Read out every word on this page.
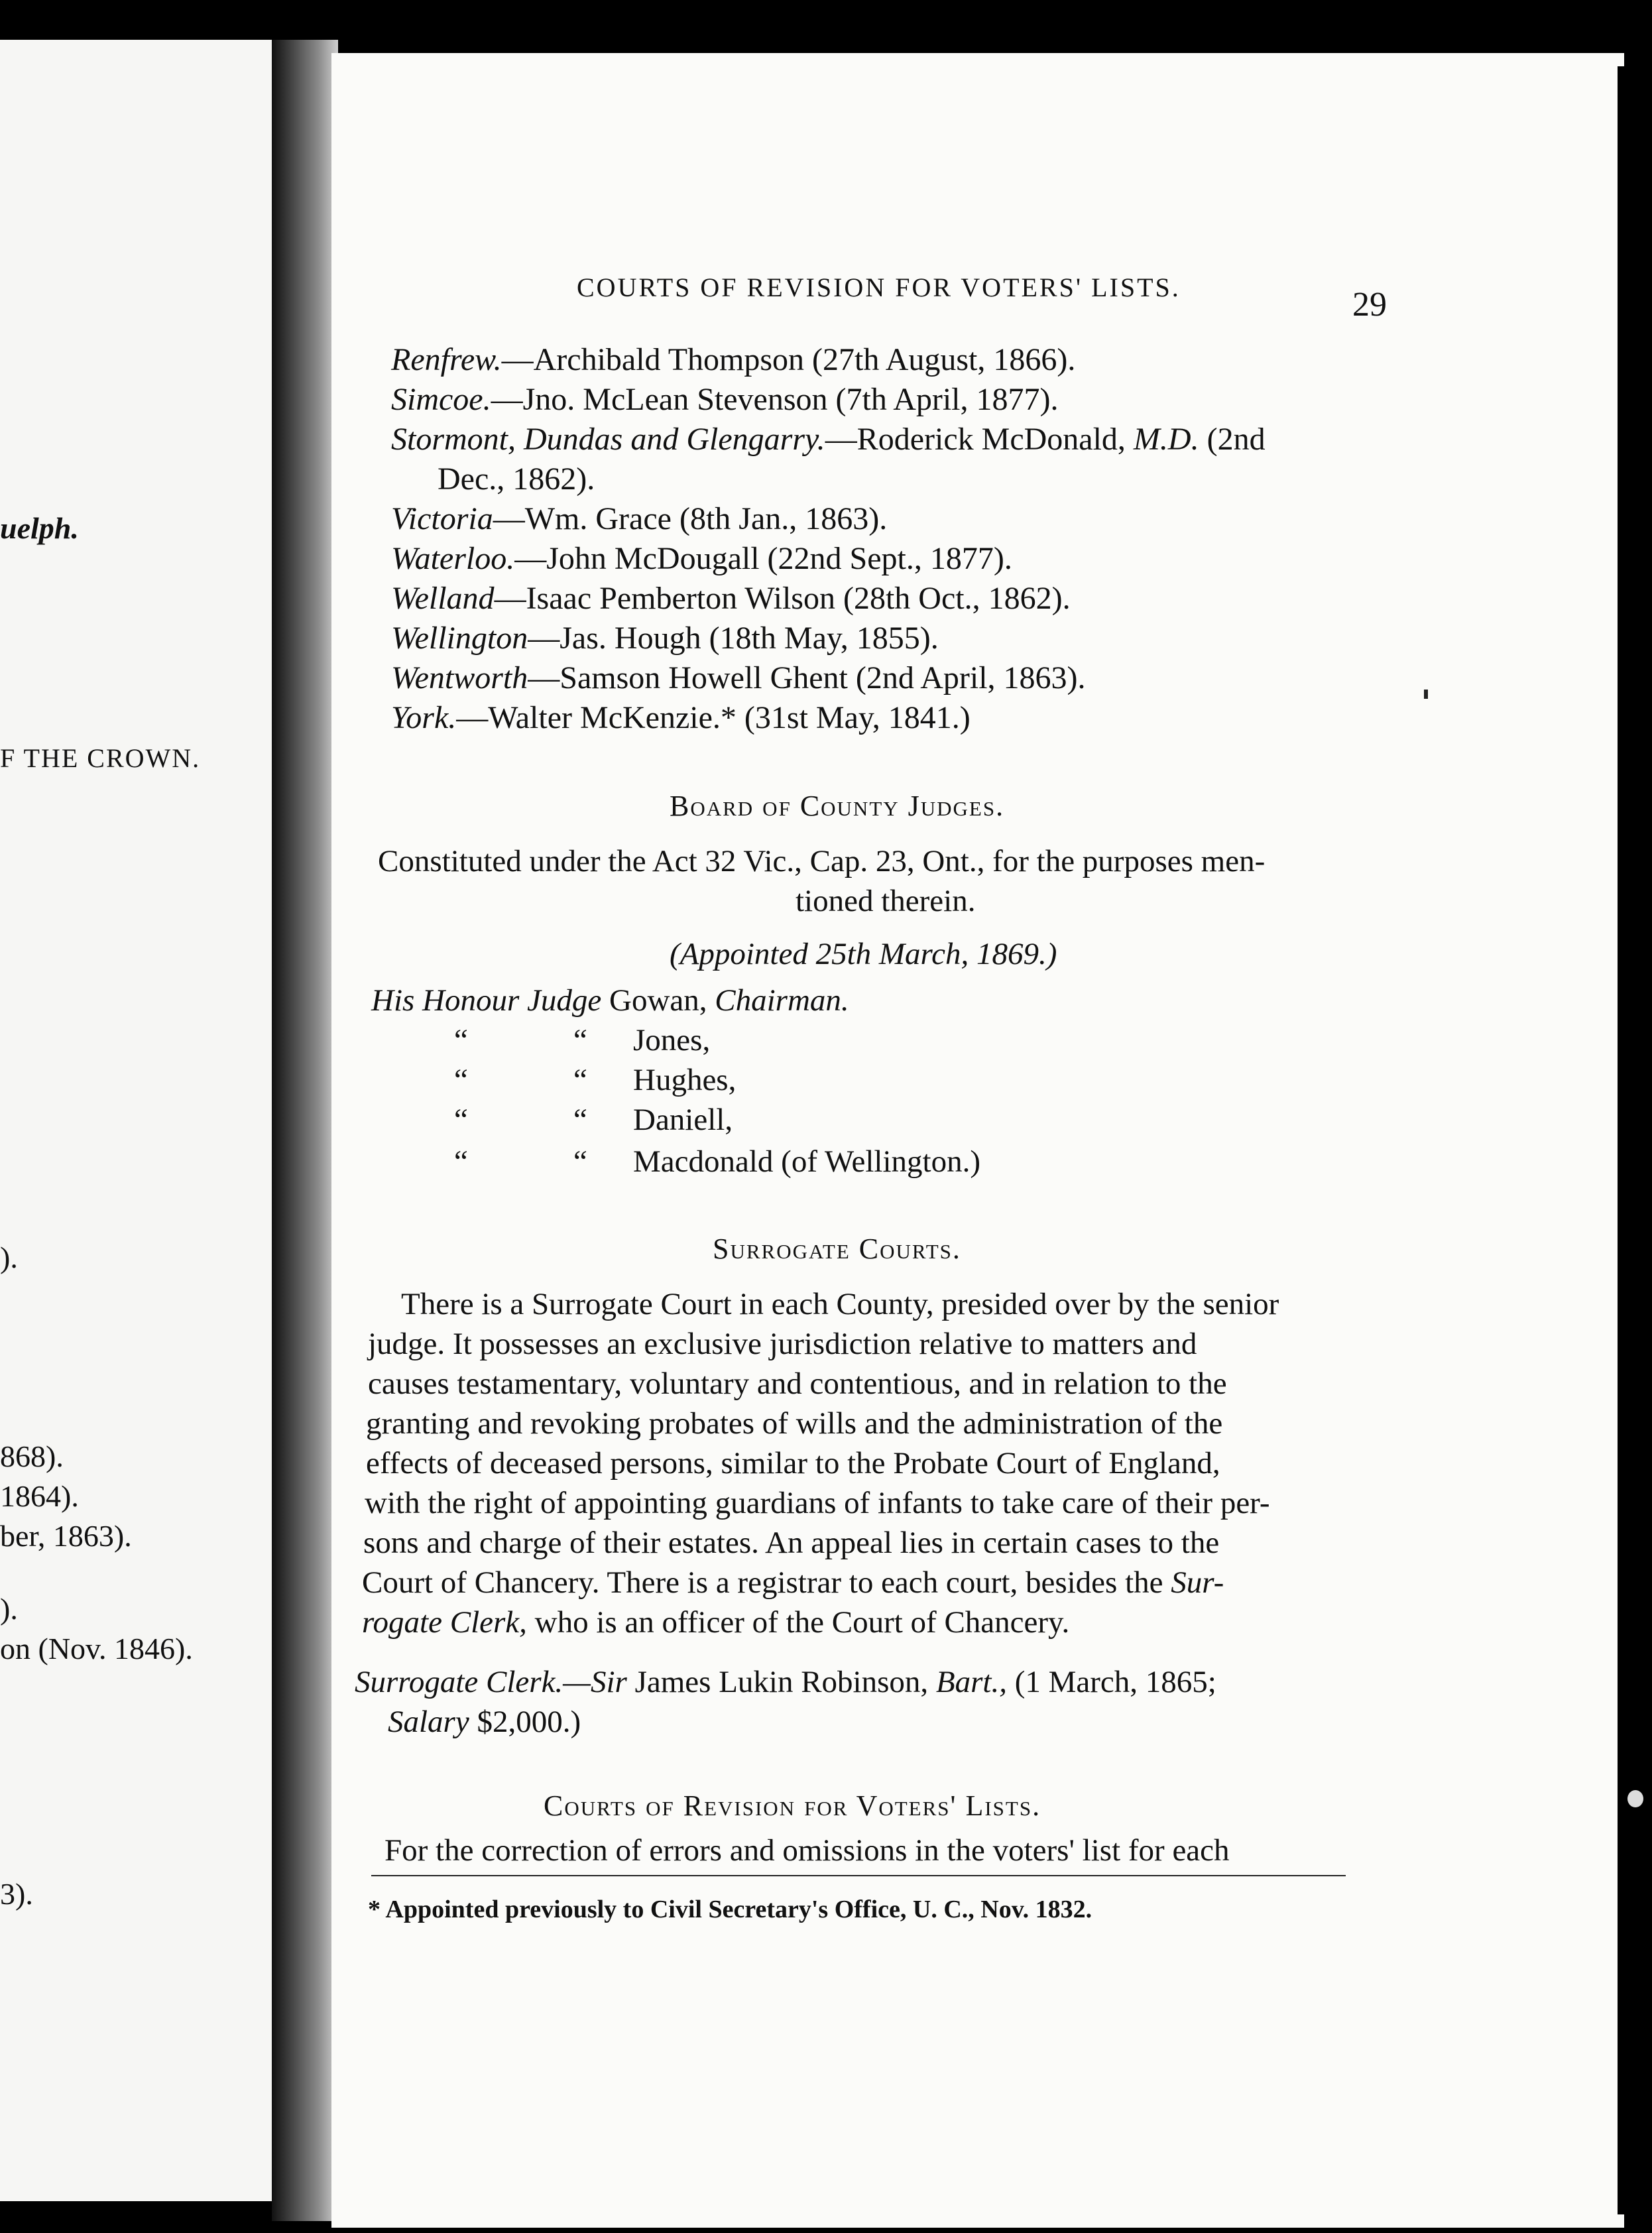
uelph.
F THE CROWN.
).
868).
1864).
ber, 1863).
).
on (Nov. 1846).
3).
COURTS OF REVISION FOR VOTERS' LISTS.	29
Renfrew.—Archibald Thompson (27th August, 1866).
Simcoe.—Jno. McLean Stevenson (7th April, 1877).
Stormont, Dundas and Glengarry.—Roderick McDonald, M.D. (2nd
Dec., 1862).
Victoria—Wm. Grace (8th Jan., 1863).
Waterloo.—John McDougall (22nd Sept., 1877).
Welland—Isaac Pemberton Wilson (28th Oct., 1862).
Wellington—Jas. Hough (18th May, 1855).
Wentworth—Samson Howell Ghent (2nd April, 1863).
York.—Walter McKenzie.* (31st May, 1841.)
Board of County Judges.
Constituted under the Act 32 Vic., Cap. 23, Ont., for the purposes men-
tioned therein.
(Appointed 25th March, 1869.)
His Honour Judge Gowan, Chairman.
“	“ Jones,
“	“ Hughes,
“	“ Daniell,
“	“ Macdonald (of Wellington.)
Surrogate Courts.
There is a Surrogate Court in each County, presided over by the senior
judge. It possesses an exclusive jurisdiction relative to matters and
causes testamentary, voluntary and contentious, and in relation to the
granting and revoking probates of wills and the administration of the
effects of deceased persons, similar to the Probate Court of England,
with the right of appointing guardians of infants to take care of their per-
sons and charge of their estates. An appeal lies in certain cases to the
Court of Chancery. There is a registrar to each court, besides the Sur-
rogate Clerk, who is an officer of the Court of Chancery.
Surrogate Clerk.—Sir James Lukin Robinson, Bart., (1 March, 1865;
Salary $2,000.)
Courts of Revision for Voters' Lists.
For the correction of errors and omissions in the voters' list for each
* Appointed previously to Civil Secretary's Office, U. C., Nov. 1832.
